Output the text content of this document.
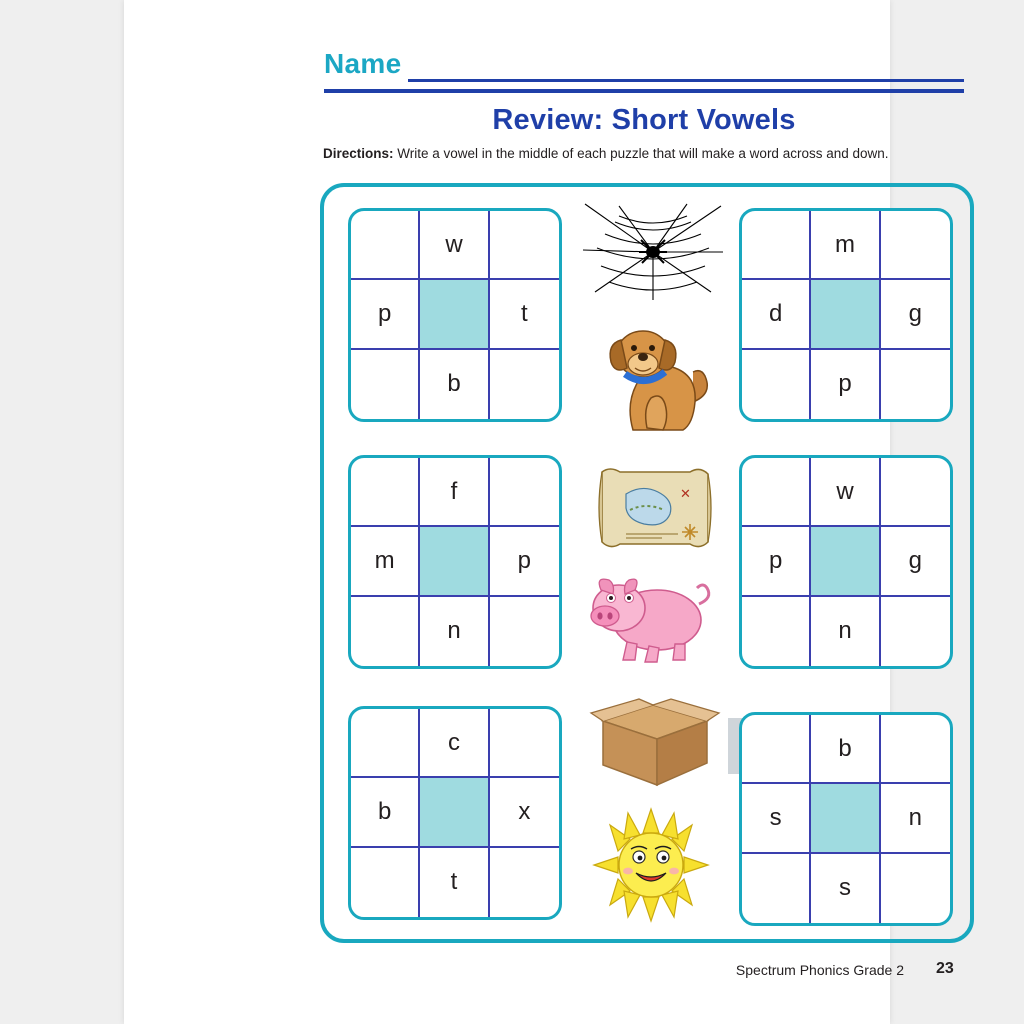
Name
Review: Short Vowels
Directions: Write a vowel in the middle of each puzzle that will make a word across and down.
w
p	t
b
m
d	g
p
f
m	p
n
w
p	g
n
c
b	x
t
b
s	n
s
✕
Spectrum Phonics Grade 2 23
